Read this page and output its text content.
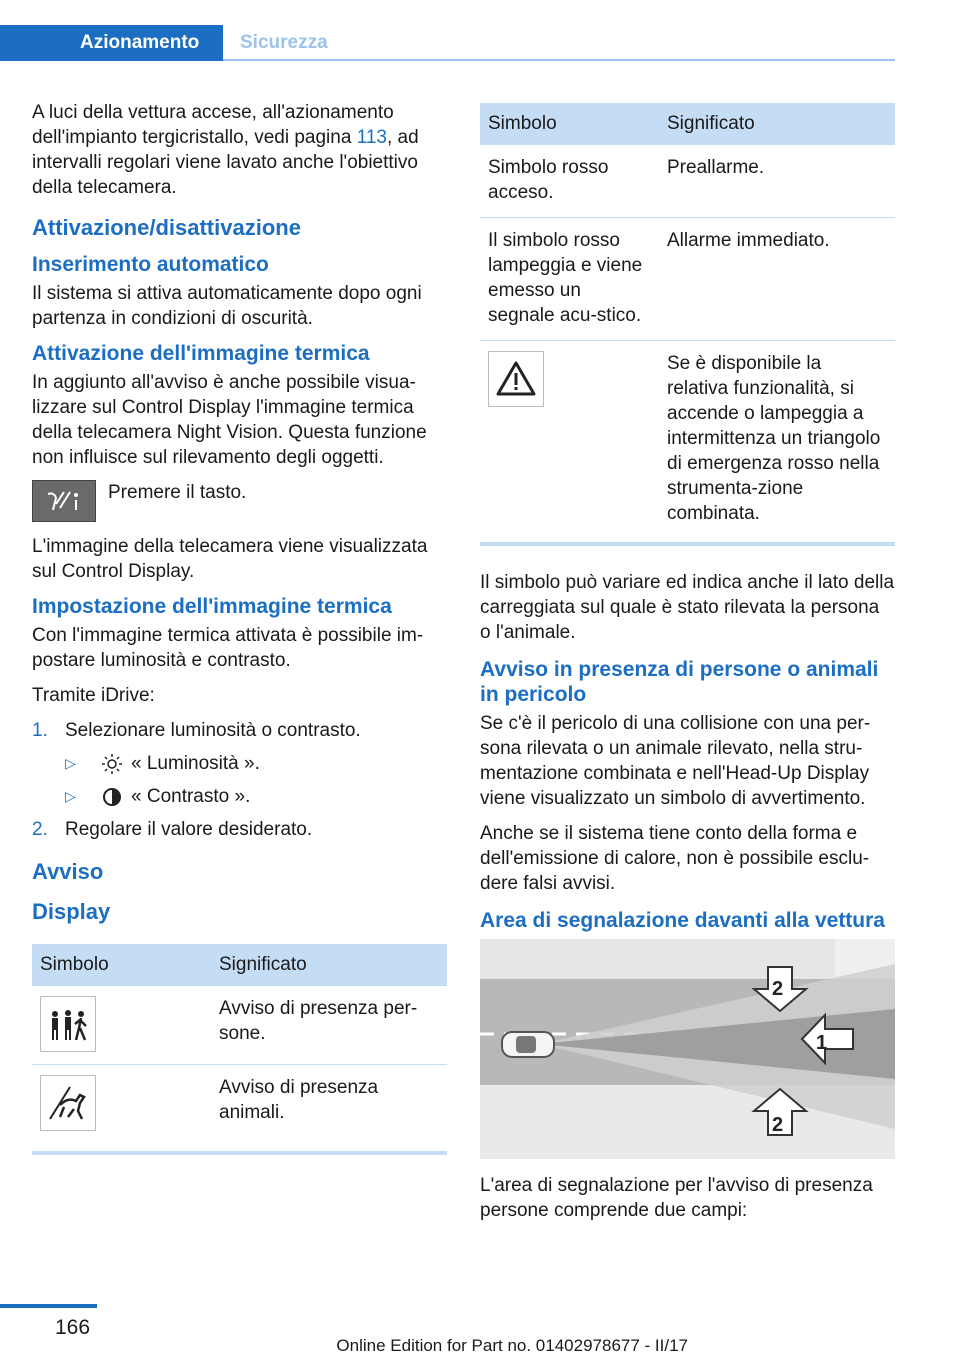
Azionamento	Sicurezza

A luci della vettura accese, all'azionamento dell'impianto tergicristallo, vedi pagina 113, ad intervalli regolari viene lavato anche l'obiettivo della telecamera.

Attivazione/disattivazione
Inserimento automatico

Il sistema si attiva automaticamente dopo ogni partenza in condizioni di oscurità.

Attivazione dell'immagine termica

In aggiunto all'avviso è anche possibile visua-lizzare sul Control Display l'immagine termica della telecamera Night Vision. Questa funzione non influisce sul rilevamento degli oggetti.

Premere il tasto.

L'immagine della telecamera viene visualizzata sul Control Display.

Impostazione dell'immagine termica

Con l'immagine termica attivata è possibile im-postare luminosità e contrasto.

Tramite iDrive:

1. Selezionare luminosità o contrasto.
▷	« Luminosità ».
▷	« Contrasto ».
2. Regolare il valore desiderato.
Avviso
Display
Simbolo	Significato

	Avviso di presenza per-sone.

	Avviso di presenza animali.
Simbolo	Significato
Simbolo rosso acceso.	Preallarme.
Il simbolo rosso lampeggia e viene emesso un segnale acu-stico.	Allarme immediato.

	Se è disponibile la relativa funzionalità, si accende o lampeggia a intermittenza un triangolo di emergenza rosso nella strumenta-zione combinata.

Il simbolo può variare ed indica anche il lato della carreggiata sul quale è stato rilevata la persona o l'animale.

Avviso in presenza di persone o animali in pericolo

Se c'è il pericolo di una collisione con una per-sona rilevata o un animale rilevato, nella stru-mentazione combinata e nell'Head-Up Display viene visualizzato un simbolo di avvertimento.

Anche se il sistema tiene conto della forma e dell'emissione di calore, non è possibile esclu-dere falsi avvisi.

Area di segnalazione davanti alla vettura
1
2
2

L'area di segnalazione per l'avviso di presenza persone comprende due campi:

166
Online Edition for Part no. 01402978677 - II/17
